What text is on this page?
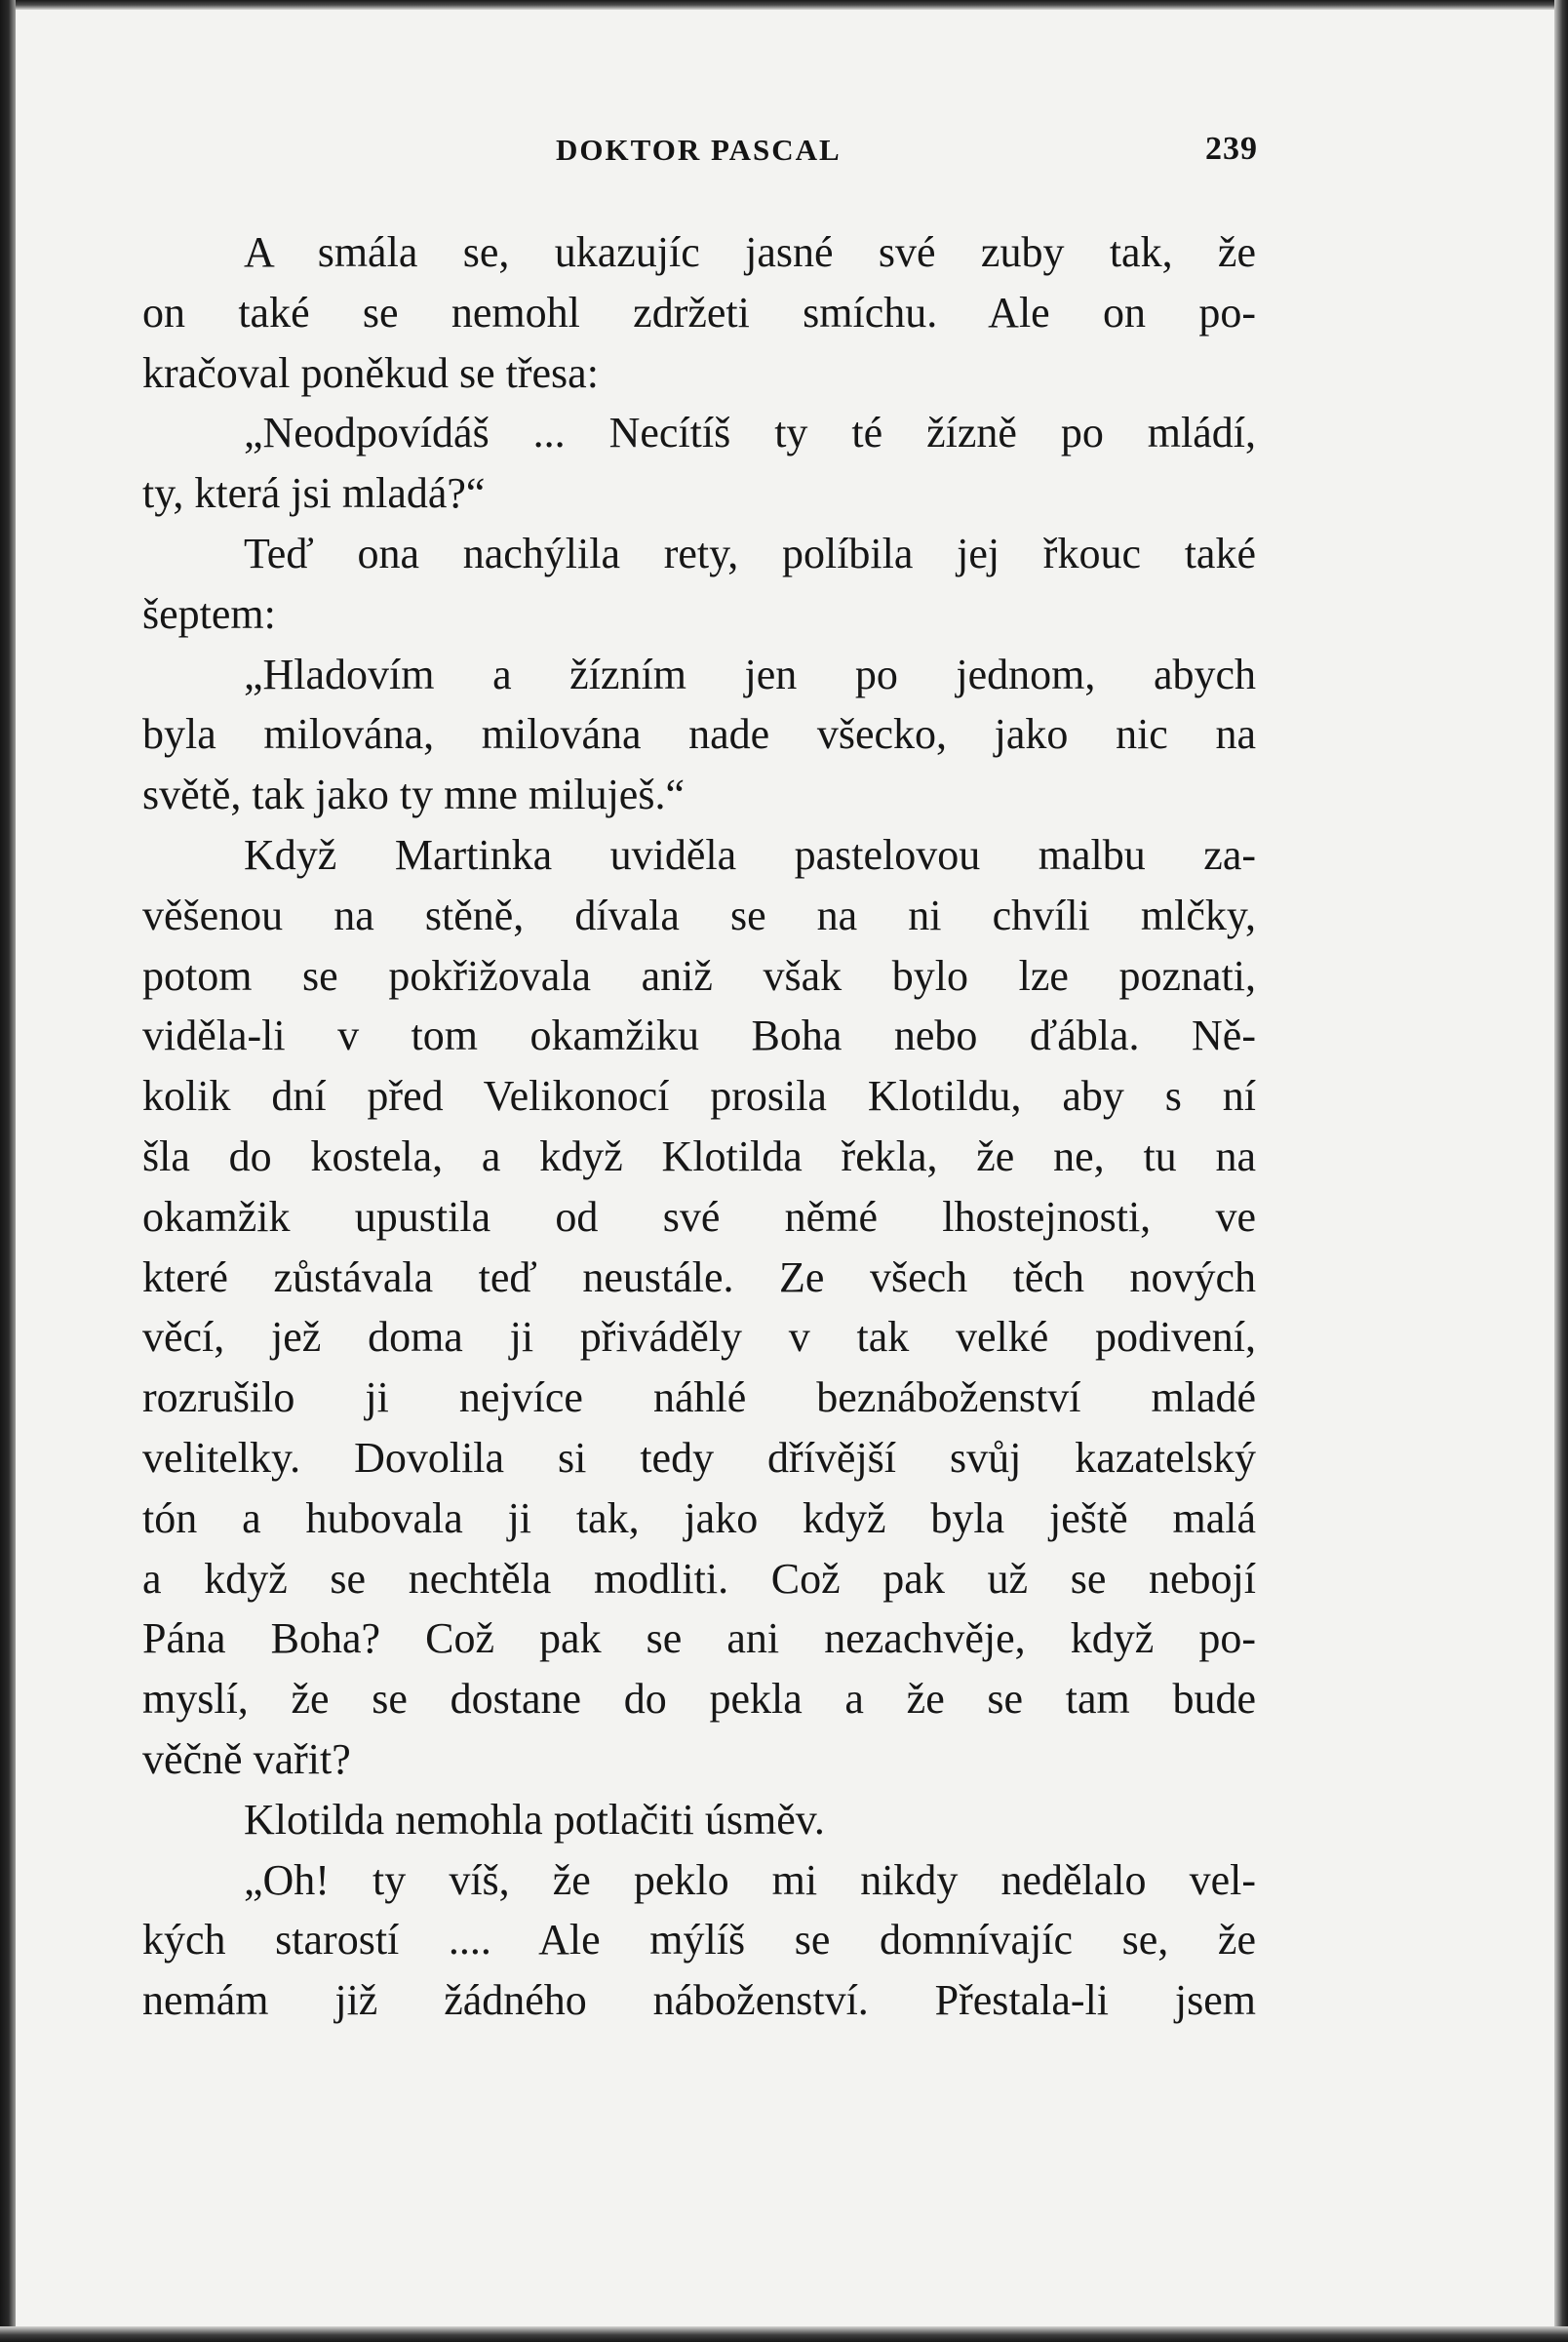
DOKTOR PASCAL	239
A smála se, ukazujíc jasné své zuby tak, že
on také se nemohl zdržeti smíchu. Ale on po-
kračoval poněkud se třesa:
„Neodpovídáš ... Necítíš ty té žízně po mládí,
ty, která jsi mladá?“
Teď ona nachýlila rety, políbila jej řkouc také
šeptem:
„Hladovím a žízním jen po jednom, abych
byla milována, milována nade všecko, jako nic na
světě, tak jako ty mne miluješ.“
Když Martinka uviděla pastelovou malbu za-
věšenou na stěně, dívala se na ni chvíli mlčky,
potom se pokřižovala aniž však bylo lze poznati,
viděla-li v tom okamžiku Boha nebo ďábla. Ně-
kolik dní před Velikonocí prosila Klotildu, aby s ní
šla do kostela, a když Klotilda řekla, že ne, tu na
okamžik upustila od své němé lhostejnosti, ve
které zůstávala teď neustále. Ze všech těch nových
věcí, jež doma ji přiváděly v tak velké podivení,
rozrušilo ji nejvíce náhlé beznáboženství mladé
velitelky. Dovolila si tedy dřívější svůj kazatelský
tón a hubovala ji tak, jako když byla ještě malá
a když se nechtěla modliti. Což pak už se nebojí
Pána Boha? Což pak se ani nezachvěje, když po-
myslí, že se dostane do pekla a že se tam bude
věčně vařit?
Klotilda nemohla potlačiti úsměv.
„Oh! ty víš, že peklo mi nikdy nedělalo vel-
kých starostí .... Ale mýlíš se domnívajíc se, že
nemám již žádného náboženství. Přestala-li jsem
